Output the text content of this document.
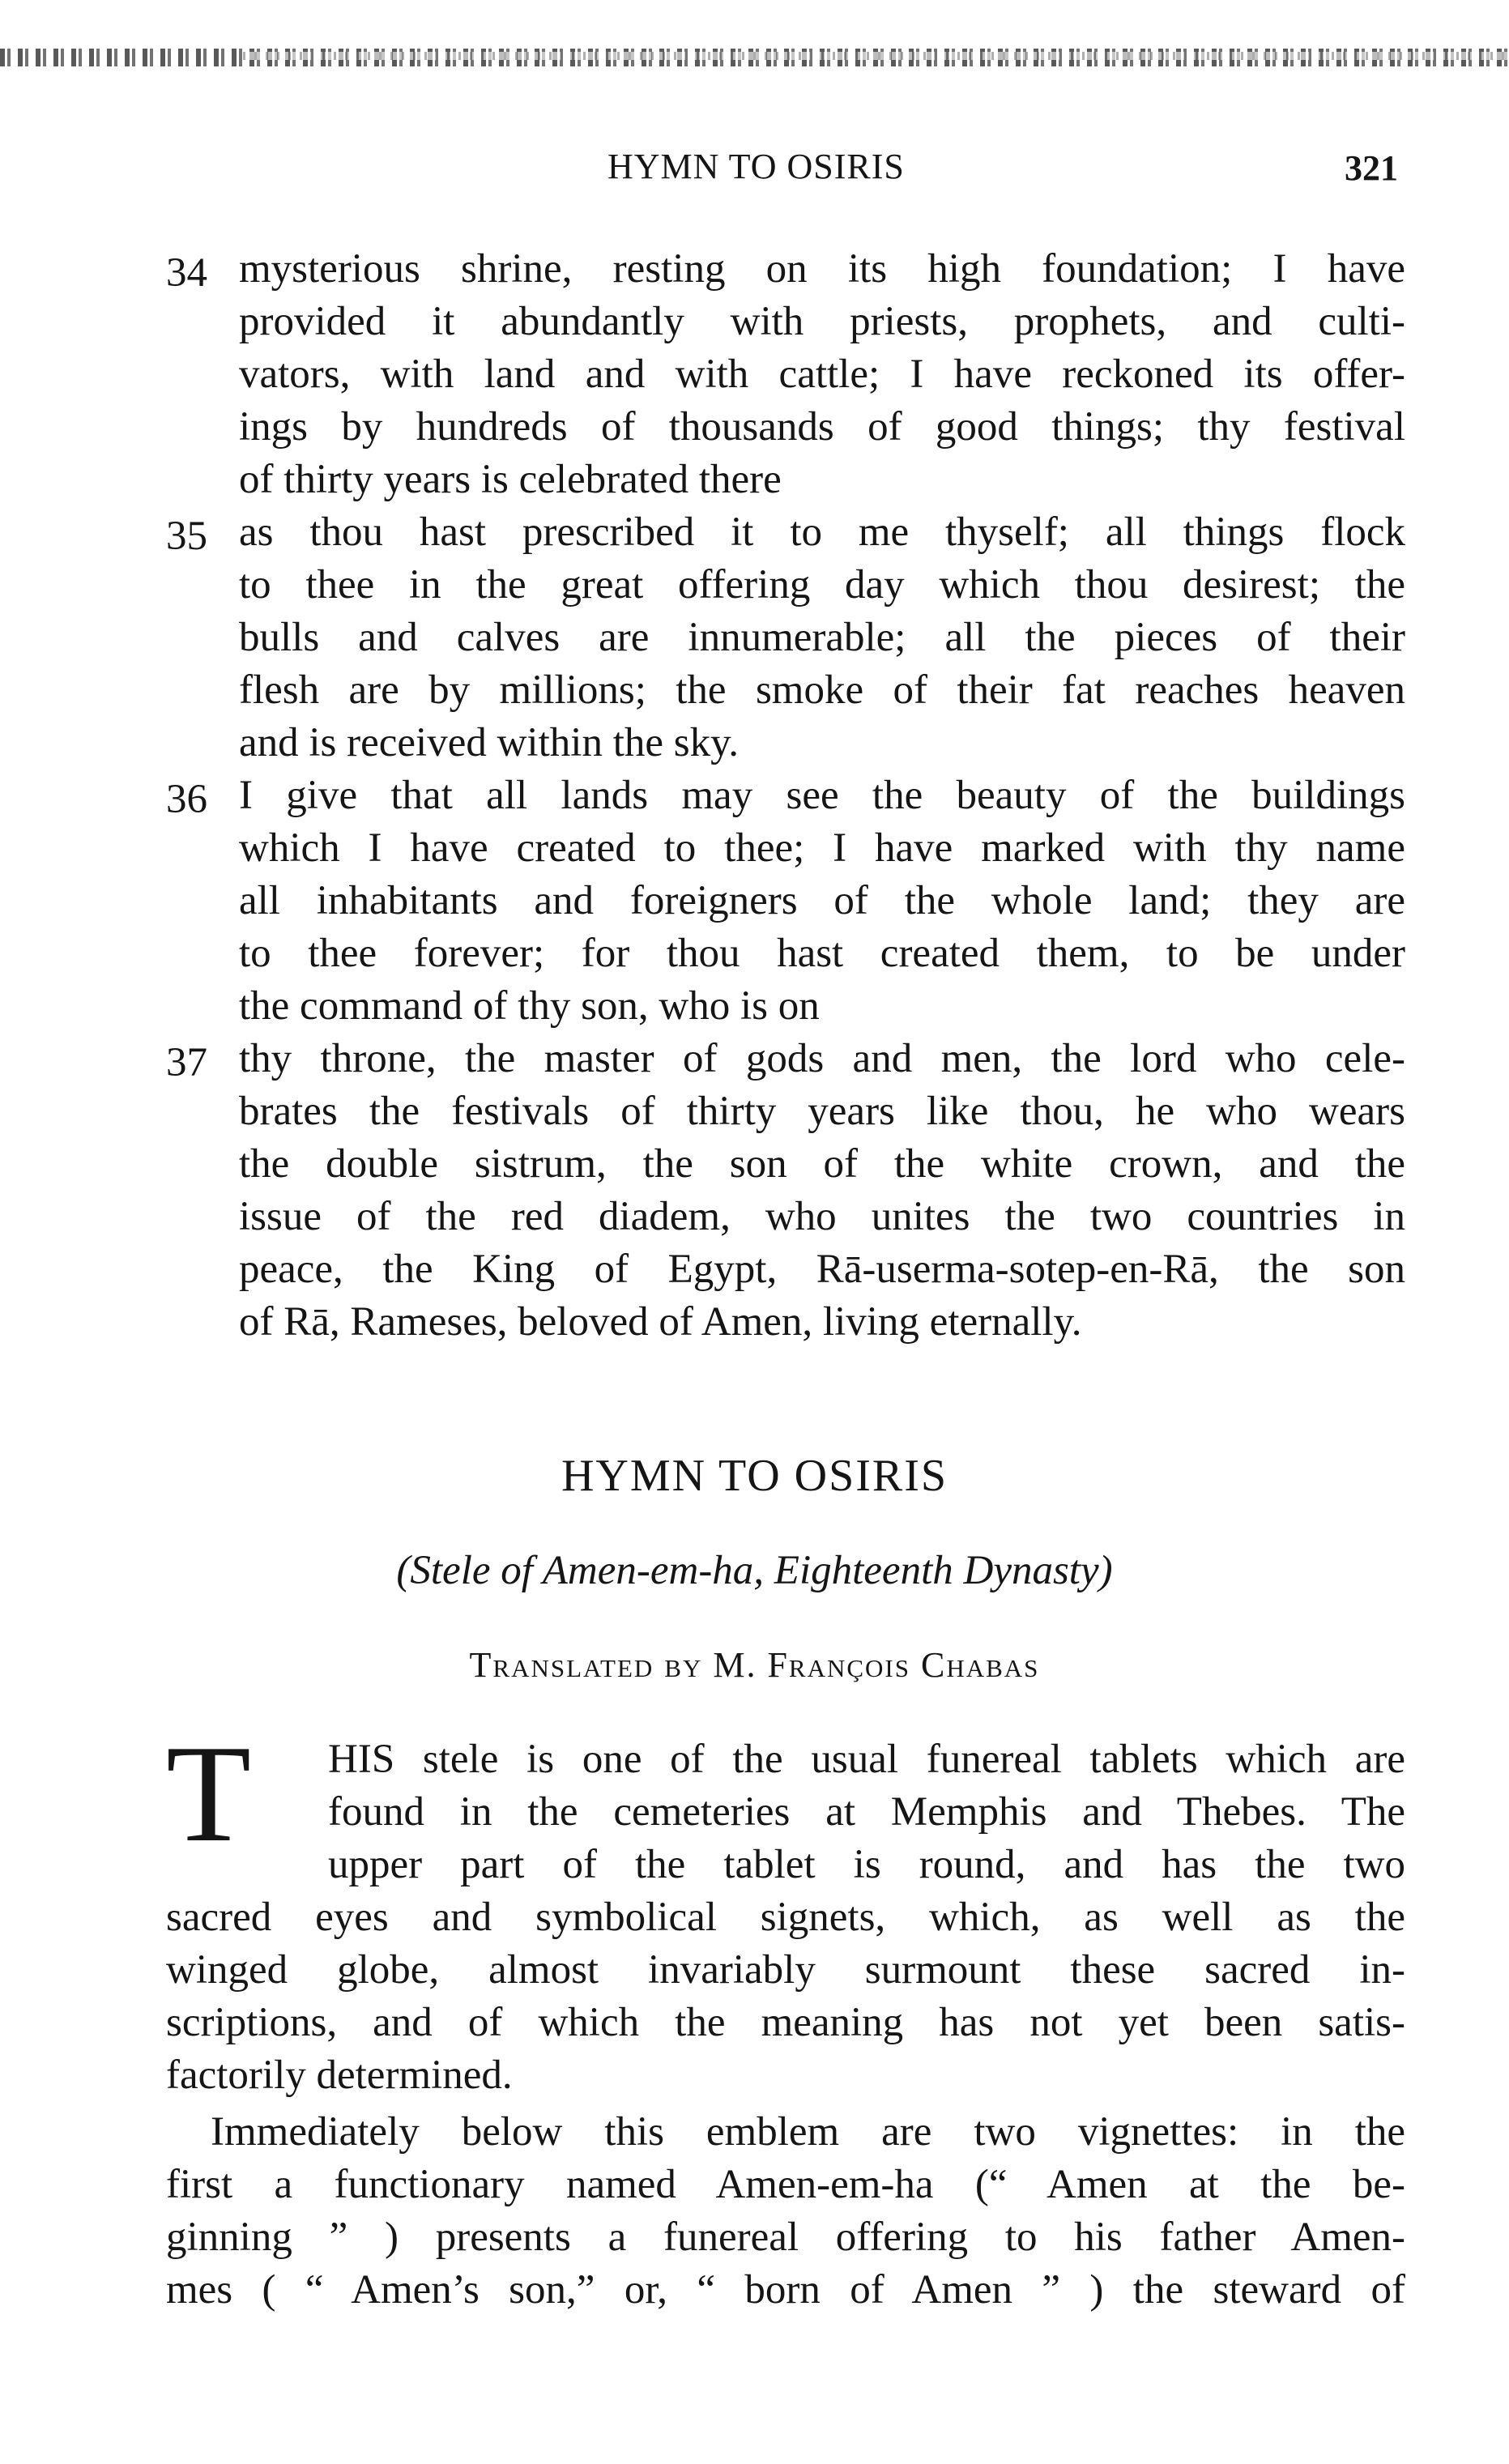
HYMN TO OSIRIS	321
34 mysterious shrine, resting on its high foundation; I have
provided it abundantly with priests, prophets, and culti-
vators, with land and with cattle; I have reckoned its offer-
ings by hundreds of thousands of good things; thy festival
of thirty years is celebrated there
35 as thou hast prescribed it to me thyself; all things flock
to thee in the great offering day which thou desirest; the
bulls and calves are innumerable; all the pieces of their
flesh are by millions; the smoke of their fat reaches heaven
and is received within the sky.
36 I give that all lands may see the beauty of the buildings
which I have created to thee; I have marked with thy name
all inhabitants and foreigners of the whole land; they are
to thee forever; for thou hast created them, to be under
the command of thy son, who is on
37 thy throne, the master of gods and men, the lord who cele-
brates the festivals of thirty years like thou, he who wears
the double sistrum, the son of the white crown, and the
issue of the red diadem, who unites the two countries in
peace, the King of Egypt, Rā-userma-sotep-en-Rā, the son
of Rā, Rameses, beloved of Amen, living eternally.
HYMN TO OSIRIS
(Stele of Amen-em-ha, Eighteenth Dynasty)
Translated by M. François Chabas
T HIS stele is one of the usual funereal tablets which are
found in the cemeteries at Memphis and Thebes. The
upper part of the tablet is round, and has the two
sacred eyes and symbolical signets, which, as well as the
winged globe, almost invariably surmount these sacred in-
scriptions, and of which the meaning has not yet been satis-
factorily determined.
Immediately below this emblem are two vignettes: in the
first a functionary named Amen-em-ha (“ Amen at the be-
ginning ” ) presents a funereal offering to his father Amen-
mes ( “ Amen’s son,” or, “ born of Amen ” ) the steward of
